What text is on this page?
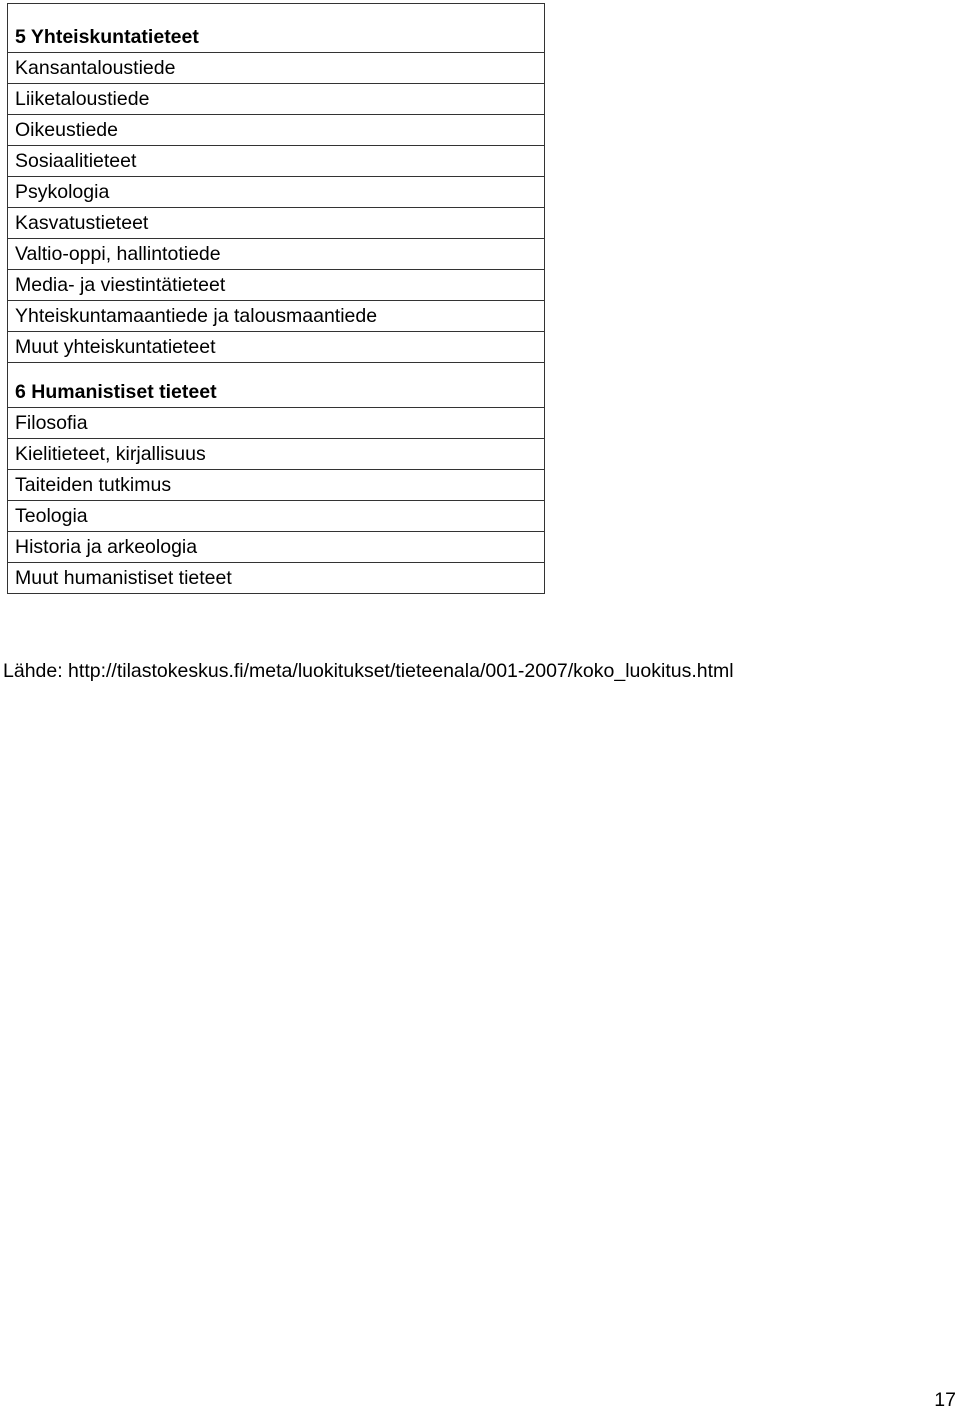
5 Yhteiskuntatieteet
Kansantaloustiede
Liiketaloustiede
Oikeustiede
Sosiaalitieteet
Psykologia
Kasvatustieteet
Valtio-oppi, hallintotiede
Media- ja viestintätieteet
Yhteiskuntamaantiede ja talousmaantiede
Muut yhteiskuntatieteet
6 Humanistiset tieteet
Filosofia
Kielitieteet, kirjallisuus
Taiteiden tutkimus
Teologia
Historia ja arkeologia
Muut humanistiset tieteet
Lähde: http://tilastokeskus.fi/meta/luokitukset/tieteenala/001-2007/koko_luokitus.html
17
